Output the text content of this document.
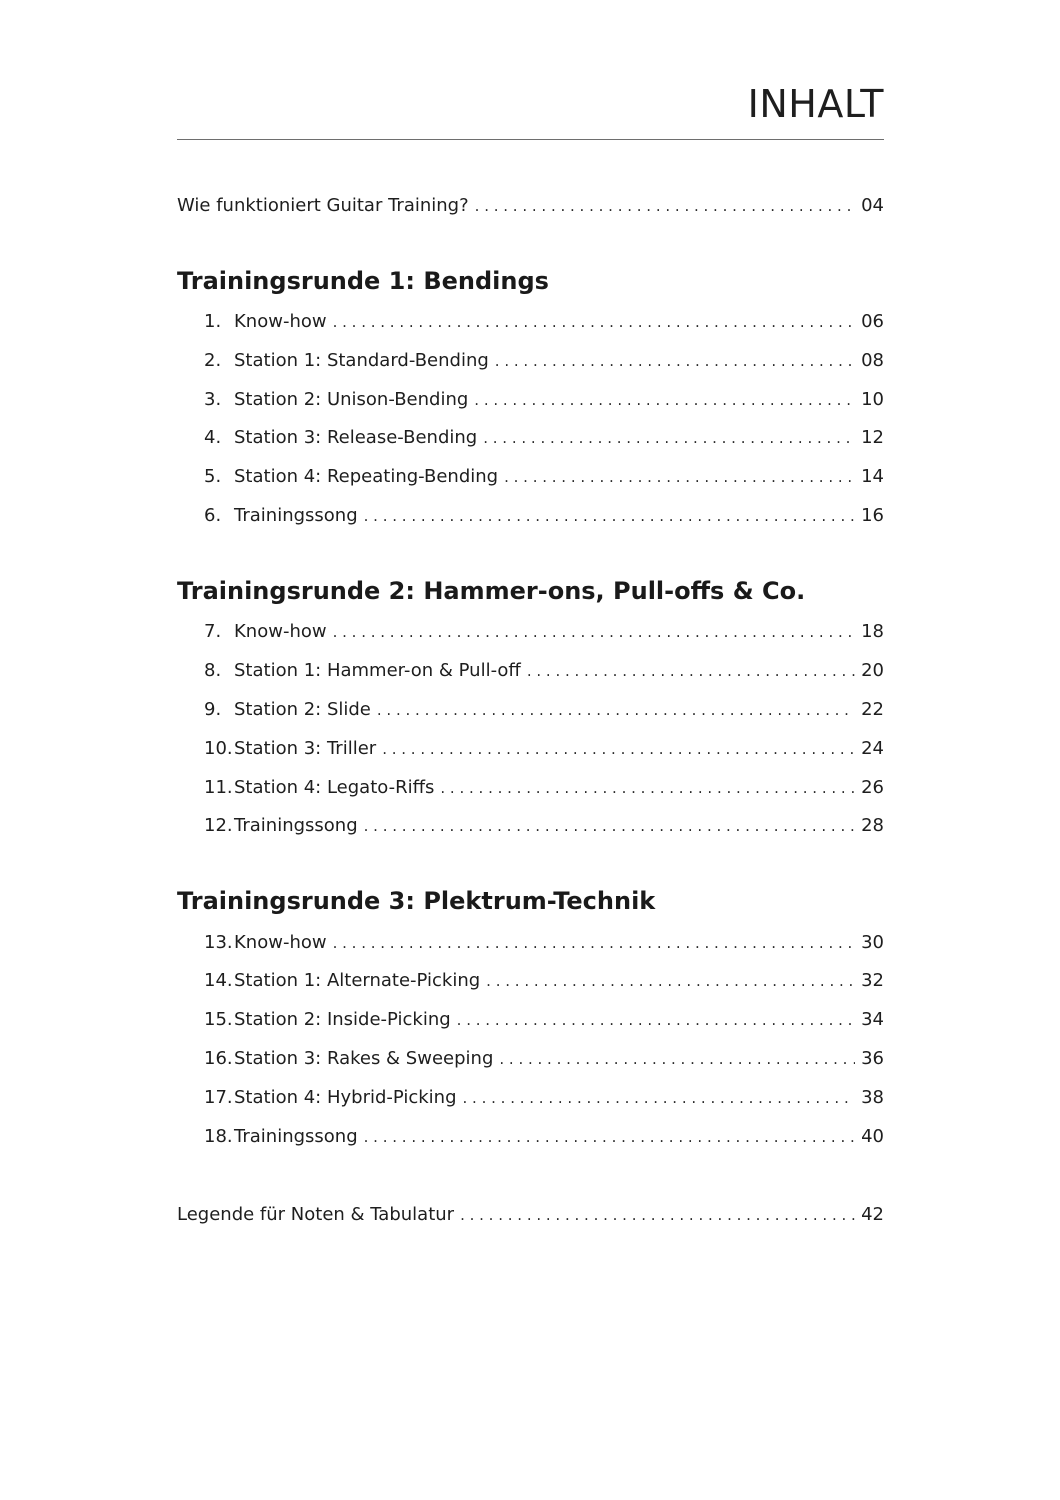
INHALT
Wie funktioniert Guitar Training? . . .	04
Trainingsrunde 1: Bendings
1. Know-how . . .	06
2. Station 1: Standard-Bending . . .	08
3. Station 2: Unison-Bending . . .	10
4. Station 3: Release-Bending . . .	12
5. Station 4: Repeating-Bending . . .	14
6. Trainingssong . . .	16
Trainingsrunde 2: Hammer-ons, Pull-offs & Co.
7. Know-how . . .	18
8. Station 1: Hammer-on & Pull-off . . .	20
9. Station 2: Slide . . .	22
10. Station 3: Triller . . .	24
11. Station 4: Legato-Riffs . . .	26
12. Trainingssong . . .	28
Trainingsrunde 3: Plektrum-Technik
13. Know-how . . .	30
14. Station 1: Alternate-Picking . . .	32
15. Station 2: Inside-Picking . . .	34
16. Station 3: Rakes & Sweeping . . .	36
17. Station 4: Hybrid-Picking . . .	38
18. Trainingssong . . .	40
Legende für Noten & Tabulatur . . .	42
